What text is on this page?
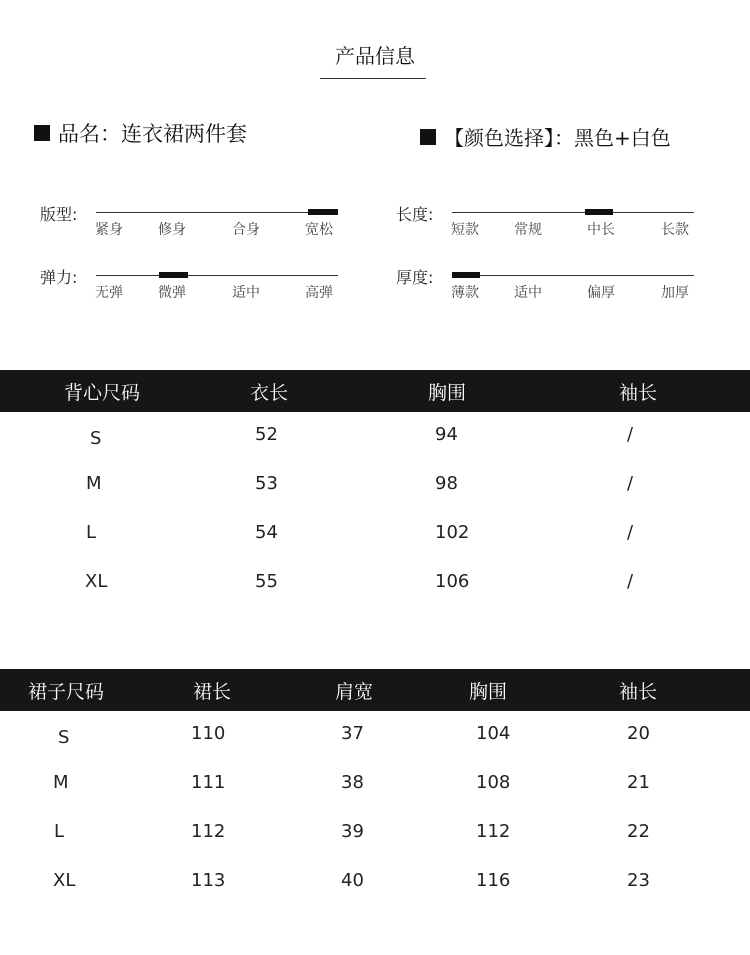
产品信息
品名：连衣裙两件套	【颜色选择】：黑色+白色
版型:
紧身	修身	合身	宽松
长度:
短款	常规	中长	长款
弹力:
无弹	微弹	适中	高弹
厚度:
薄款	适中	偏厚	加厚
背心尺码	衣长	胸围	袖长
S	52	94	/
M	53	98	/
L	54	102	/
XL	55	106	/
裙子尺码	裙长	肩宽	胸围	袖长
S	110	37	104	20
M	111	38	108	21
L	112	39	112	22
XL	113	40	116	23
